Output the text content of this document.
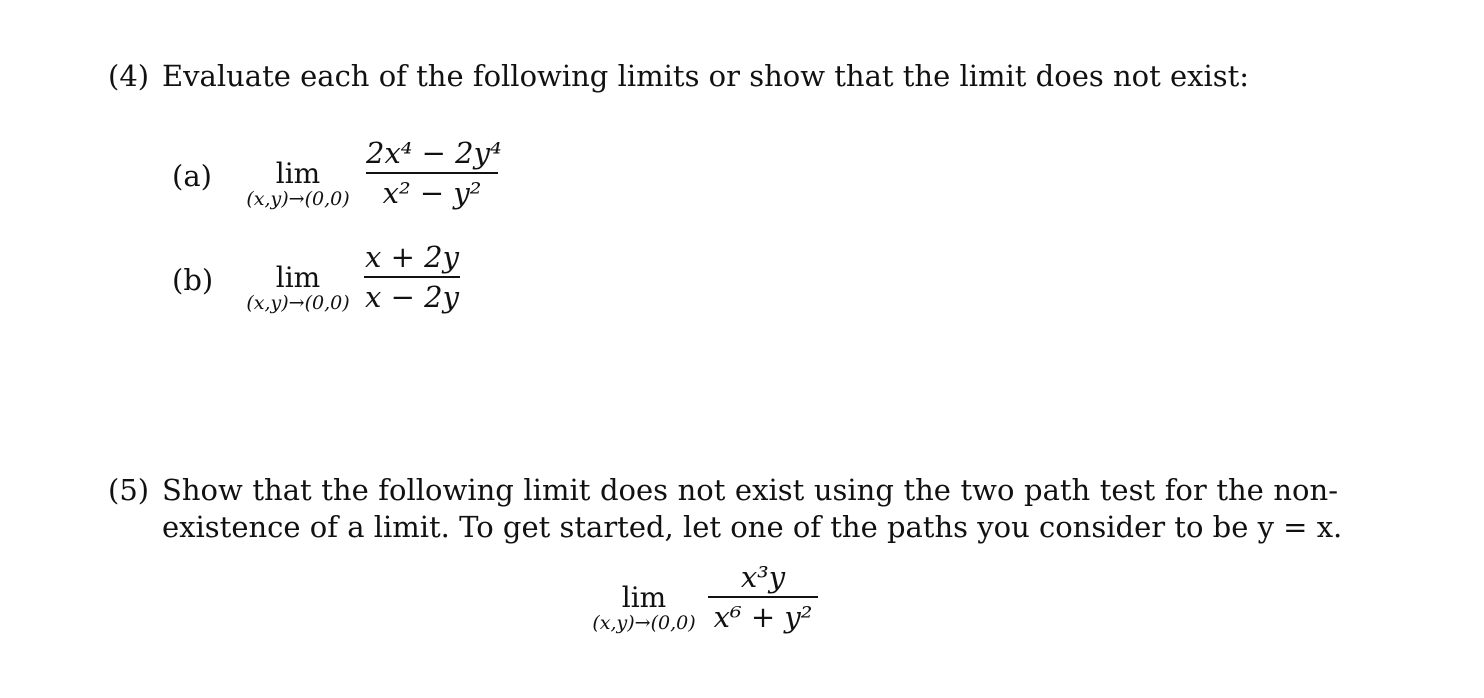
(4) Evaluate each of the following limits or show that the limit does not exist:
(a)	lim
(x,y)→(0,0)
2x⁴ − 2y⁴
x² − y²
(b)	lim
(x,y)→(0,0)
x + 2y
x − 2y
(5) Show that the following limit does not exist using the two path test for the non-
existence of a limit. To get started, let one of the paths you consider to be y = x.
lim
(x,y)→(0,0)
x³y
x⁶ + y²
